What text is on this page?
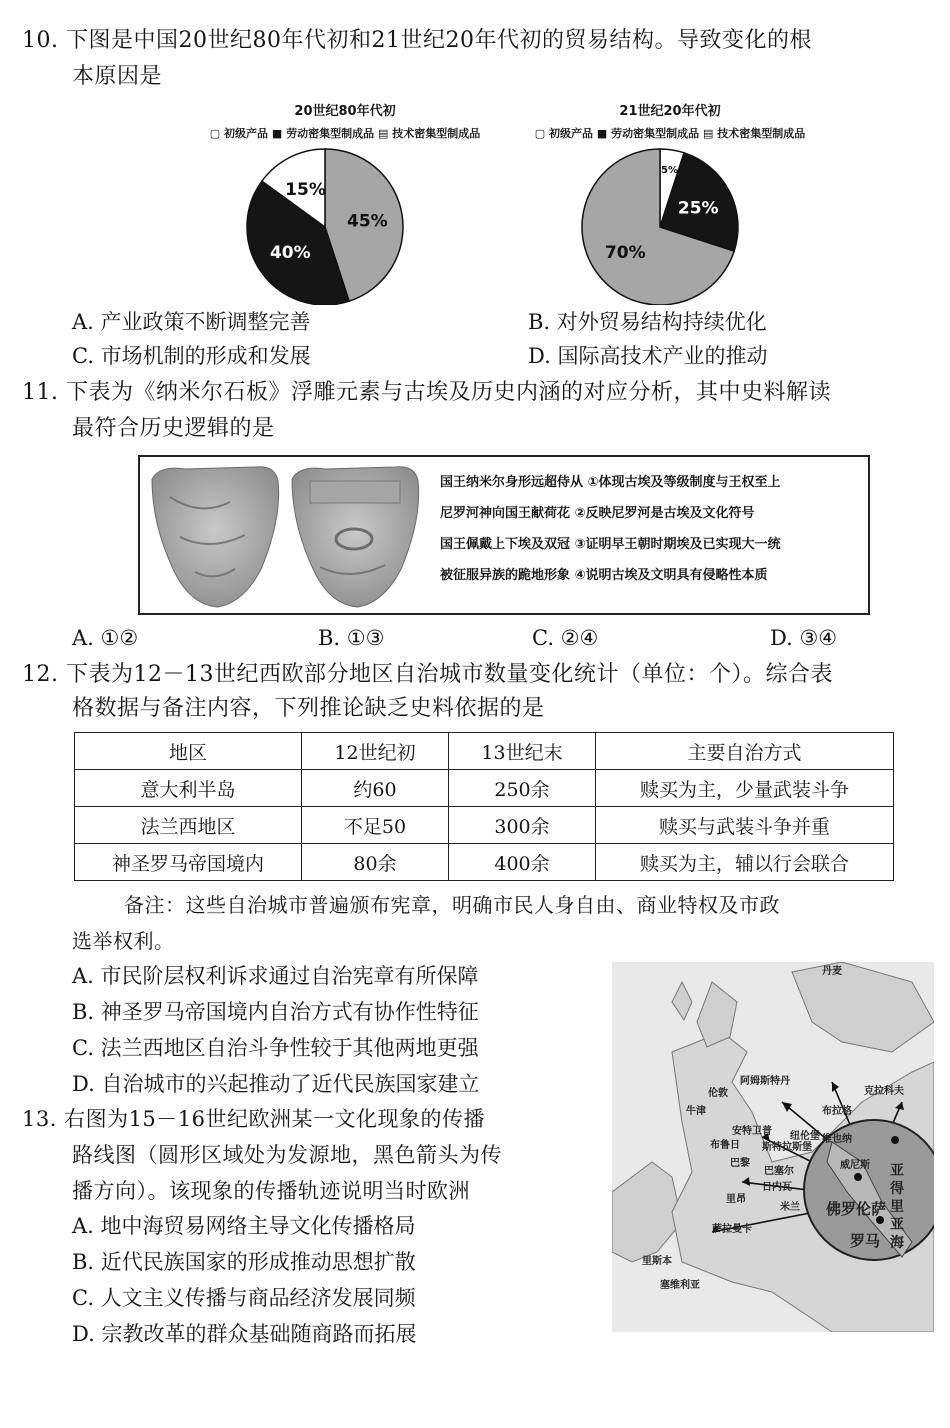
10. 下图是中国20世纪80年代初和21世纪20年代初的贸易结构。导致变化的根
本原因是
20世纪80年代初
▢ 初级产品 ■ 劳动密集型制成品 ▤ 技术密集型制成品
45%
40%
15%
21世纪20年代初
▢ 初级产品 ■ 劳动密集型制成品 ▤ 技术密集型制成品
5%
25%
70%
A. 产业政策不断调整完善	B. 对外贸易结构持续优化
C. 市场机制的形成和发展	D. 国际高技术产业的推动
11. 下表为《纳米尔石板》浮雕元素与古埃及历史内涵的对应分析，其中史料解读
最符合历史逻辑的是
国王纳米尔身形远超侍从 ①体现古埃及等级制度与王权至上
尼罗河神向国王献荷花 ②反映尼罗河是古埃及文化符号
国王佩戴上下埃及双冠 ③证明早王朝时期埃及已实现大一统
被征服异族的跪地形象 ④说明古埃及文明具有侵略性本质
A. ①②	B. ①③	C. ②④	D. ③④
12. 下表为12－13世纪西欧部分地区自治城市数量变化统计（单位：个）。综合表
格数据与备注内容，下列推论缺乏史料依据的是
地区	12世纪初	13世纪末	主要自治方式
意大利半岛	约60	250余	赎买为主，少量武装斗争
法兰西地区	不足50	300余	赎买与武装斗争并重
神圣罗马帝国境内	80余	400余	赎买为主，辅以行会联合
备注：这些自治城市普遍颁布宪章，明确市民人身自由、商业特权及市政
选举权利。
A. 市民阶层权利诉求通过自治宪章有所保障
B. 神圣罗马帝国境内自治方式有协作性特征
C. 法兰西地区自治斗争性较于其他两地更强
D. 自治城市的兴起推动了近代民族国家建立
13. 右图为15－16世纪欧洲某一文化现象的传播
路线图（圆形区域处为发源地，黑色箭头为传
播方向）。该现象的传播轨迹说明当时欧洲
A. 地中海贸易网络主导文化传播格局
B. 近代民族国家的形成推动思想扩散
C. 人文主义传播与商品经济发展同频
D. 宗教改革的群众基础随商路而拓展
丹麦
阿姆斯特丹
伦敦
牛津
安特卫普
布鲁日
巴黎
斯特拉斯堡
纽伦堡
布拉格
克拉科夫
维也纳
巴塞尔
日内瓦
里昂
米兰
威尼斯
萨拉曼卡
里斯本
塞维利亚
佛罗伦萨
罗马
亚得里亚海
